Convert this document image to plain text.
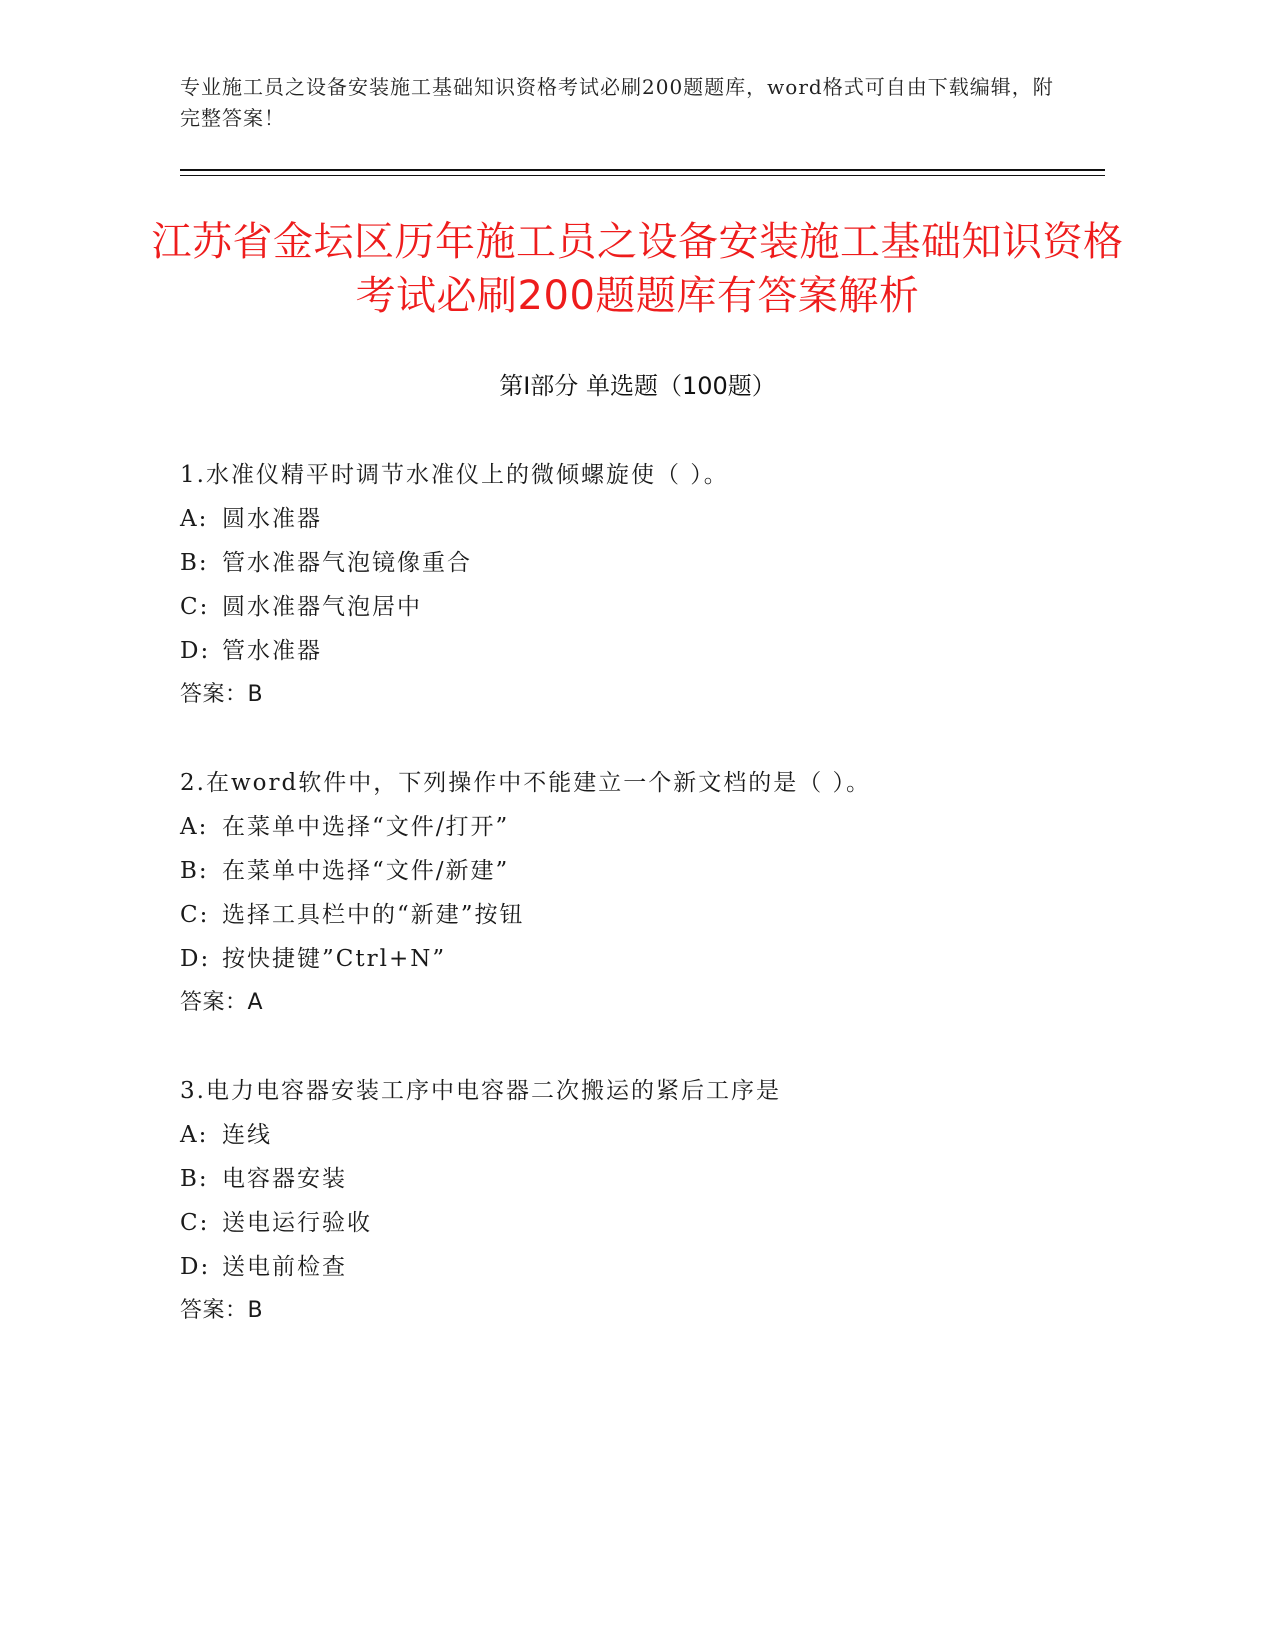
专业施工员之设备安装施工基础知识资格考试必刷200题题库，word格式可自由下载编辑，附完整答案！
江苏省金坛区历年施工员之设备安装施工基础知识资格考试必刷200题题库有答案解析
第Ⅰ部分 单选题（100题）
1.水准仪精平时调节水准仪上的微倾螺旋使（ ）。
A: 圆水准器
B: 管水准器气泡镜像重合
C: 圆水准器气泡居中
D: 管水准器
答案：B
2.在word软件中，下列操作中不能建立一个新文档的是（ ）。
A: 在菜单中选择“文件/打开”
B: 在菜单中选择“文件/新建”
C: 选择工具栏中的“新建”按钮
D: 按快捷键”Ctrl+N”
答案：A
3.电力电容器安装工序中电容器二次搬运的紧后工序是
A: 连线
B: 电容器安装
C: 送电运行验收
D: 送电前检查
答案：B
